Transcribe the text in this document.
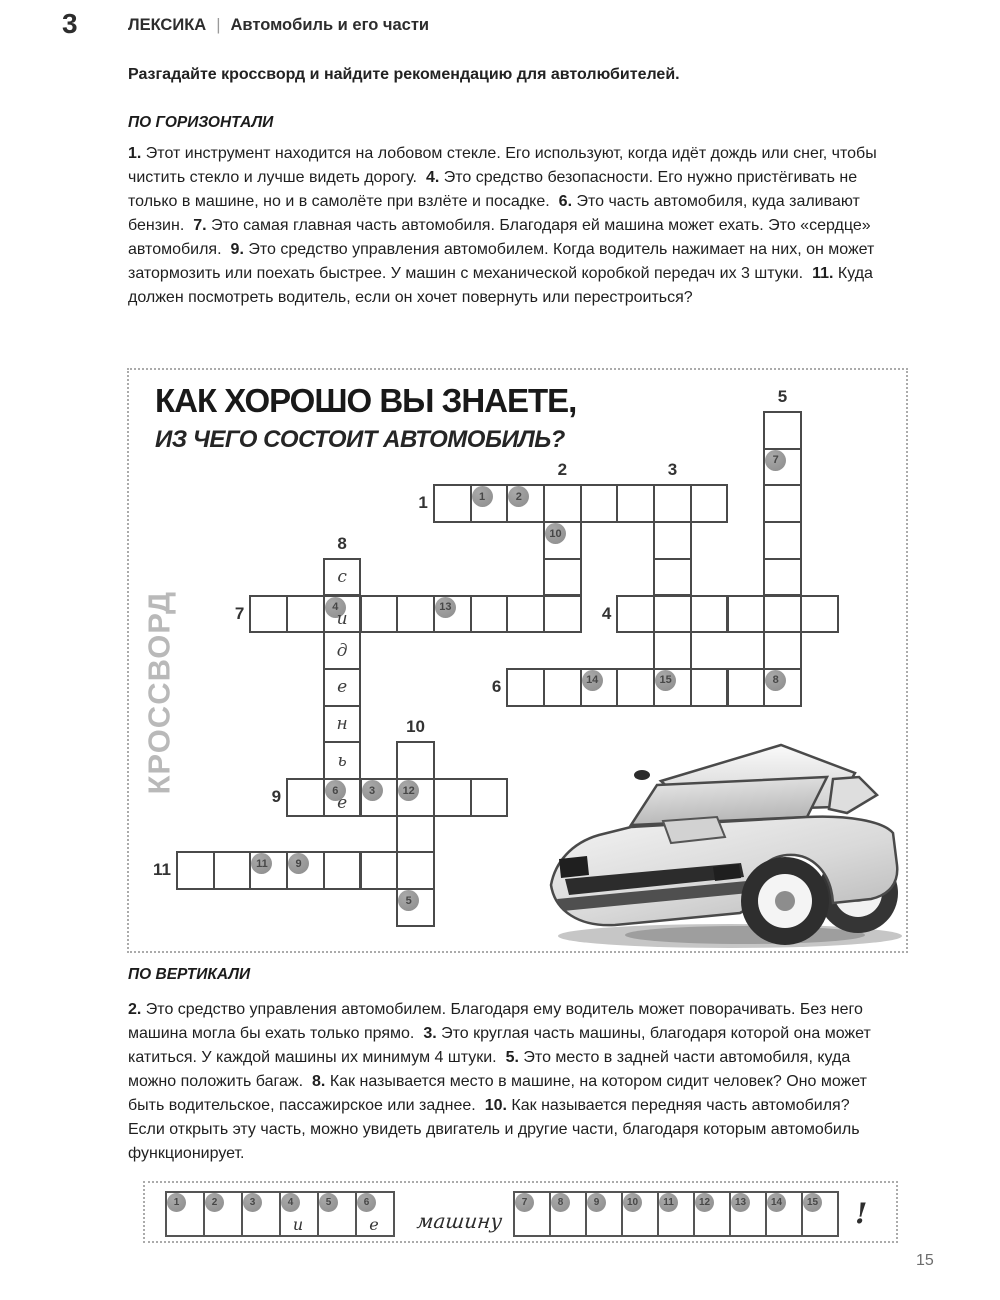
3	ЛЕКСИКА | Автомобиль и его части
Разгадайте кроссворд и найдите рекомендацию для автолюбителей.
ПО ГОРИЗОНТАЛИ

1. Этот инструмент находится на лобовом стекле. Его используют, когда идёт дождь или снег, чтобы чистить стекло и лучше видеть дорогу. 4. Это средство безопасности. Его нужно пристёгивать не только в машине, но и в самолёте при взлёте и посадке. 6. Это часть автомобиля, куда заливают бензин. 7. Это самая главная часть автомобиля. Благодаря ей машина может ехать. Это «сердце» автомобиля. 9. Это средство управления автомобилем. Когда водитель нажимает на них, он может затормозить или поехать быстрее. У машин с механической коробкой передач их 3 штуки. 11. Куда должен посмотреть водитель, если он хочет повернуть или перестроиться?

КАК ХОРОШО ВЫ ЗНАЕТЕ,
ИЗ ЧЕГО СОСТОИТ АВТОМОБИЛЬ?
КРОССВОРД
1
2	3
4
5
6
7
8
9
10
11
1	2
7
10
4	13
14	15	8
6	3	12
11	9
5
с
и
д
е
н
ь
е
ПО ВЕРТИКАЛИ

2. Это средство управления автомобилем. Благодаря ему водитель может поворачивать. Без него машина могла бы ехать только прямо. 3. Это круглая часть машины, благодаря которой она может катиться. У каждой машины их минимум 4 штуки. 5. Это место в задней части автомобиля, куда можно положить багаж. 8. Как называется место в машине, на котором сидит человек? Оно может быть водительское, пассажирское или заднее. 10. Как называется передняя часть автомобиля? Если открыть эту часть, можно увидеть двигатель и другие части, благодаря которым автомобиль функционирует.

1	2	3	4
и
5	6
е
7	8	9	10	11	12	13	14	15
машину	!
15
